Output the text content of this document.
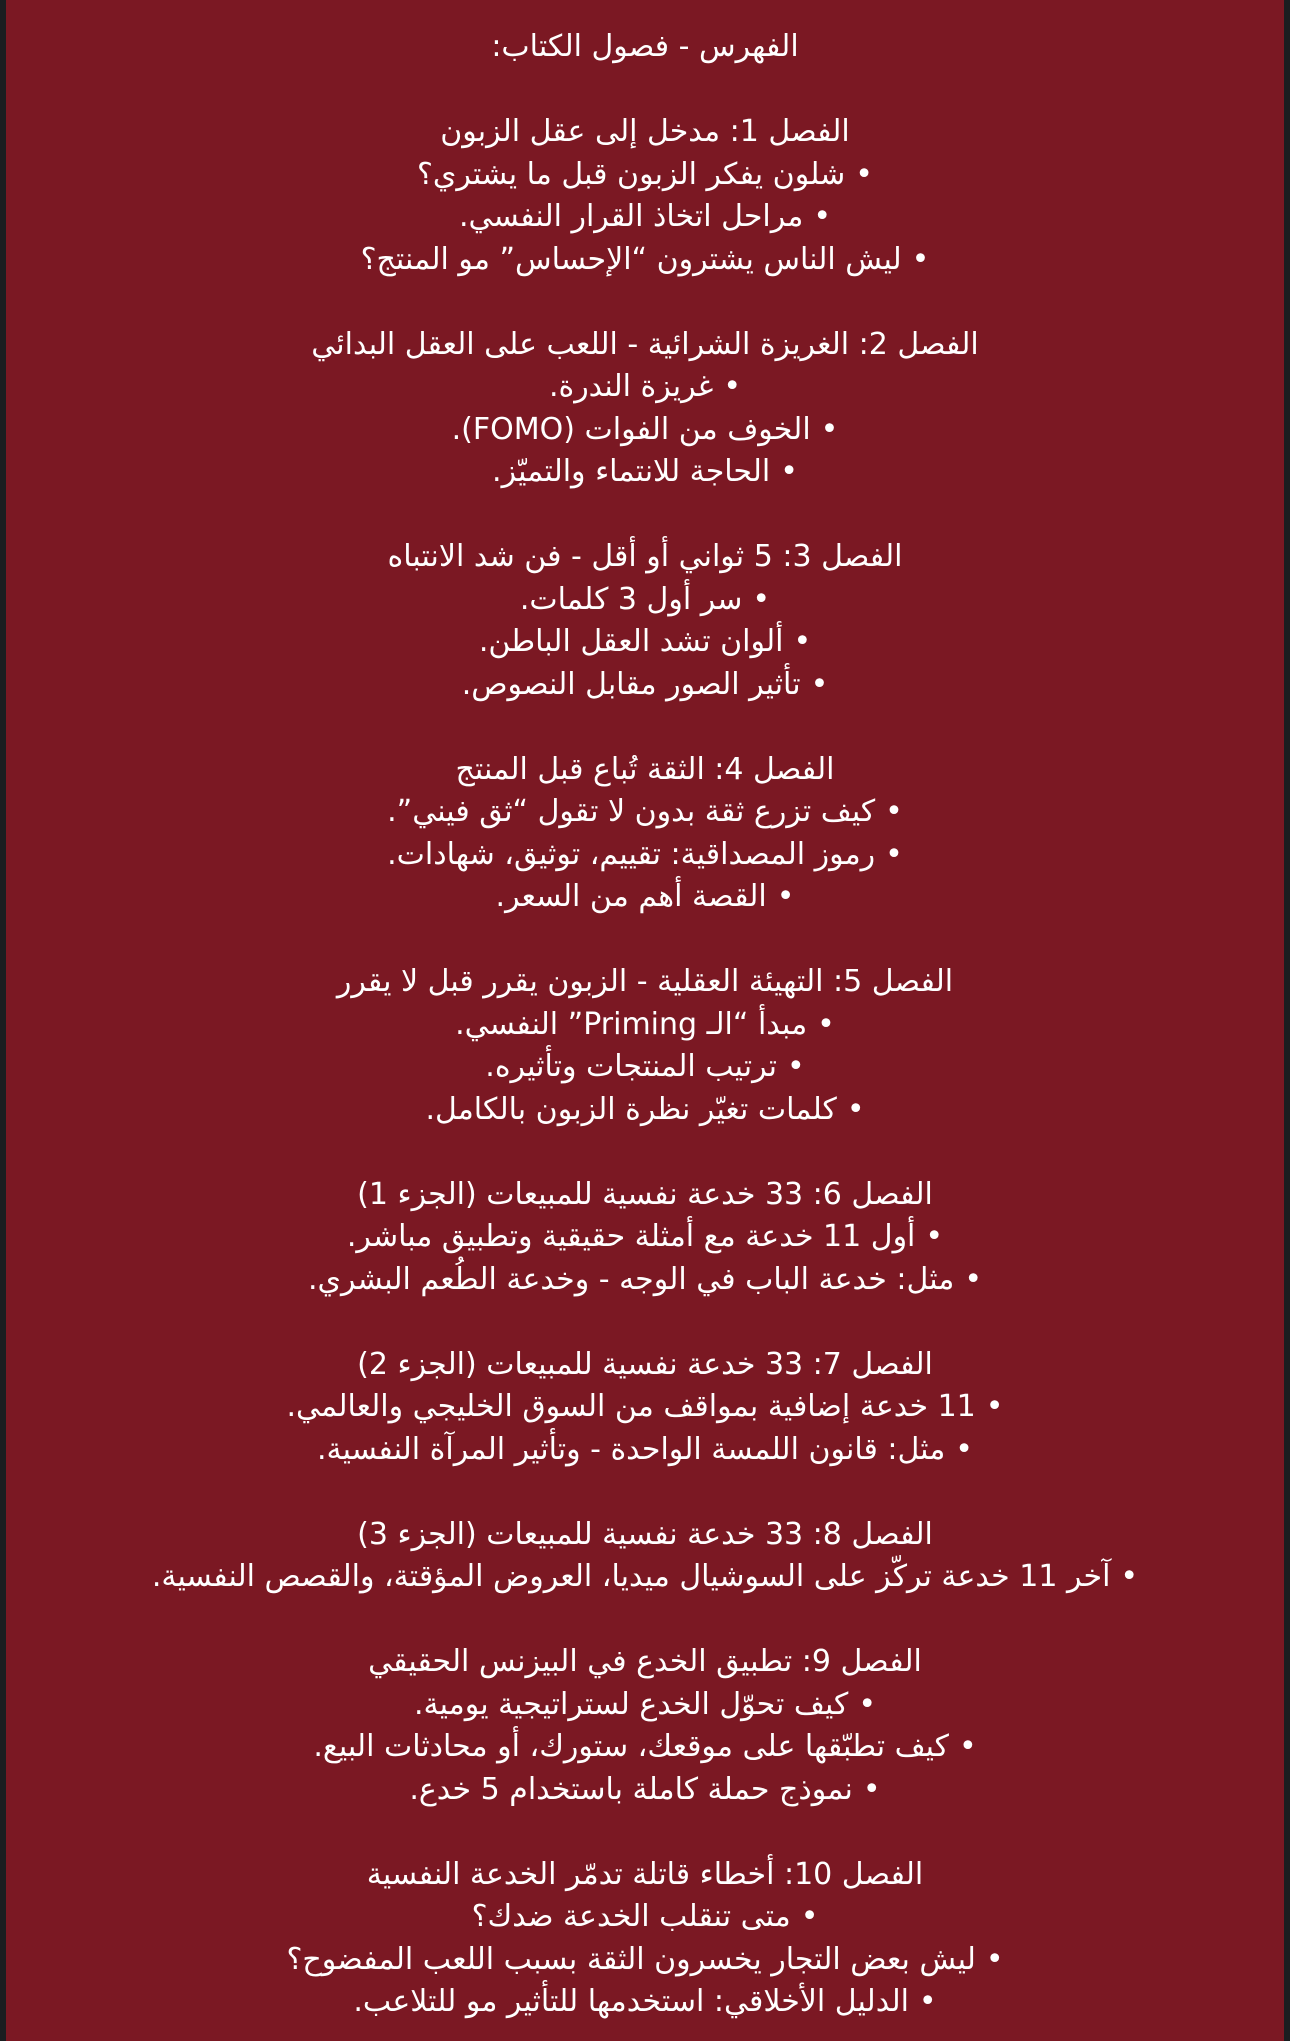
الفهرس - فصول الكتاب:
الفصل 1: مدخل إلى عقل الزبون
•شلون يفكر الزبون قبل ما يشتري؟
•مراحل اتخاذ القرار النفسي.
•ليش الناس يشترون “الإحساس” مو المنتج؟
الفصل 2: الغريزة الشرائية - اللعب على العقل البدائي
•غريزة الندرة.
•الخوف من الفوات (FOMO).
•الحاجة للانتماء والتميّز.
الفصل 3: 5 ثواني أو أقل - فن شد الانتباه
•سر أول 3 كلمات.
•ألوان تشد العقل الباطن.
•تأثير الصور مقابل النصوص.
الفصل 4: الثقة تُباع قبل المنتج
•كيف تزرع ثقة بدون لا تقول “ثق فيني”.
•رموز المصداقية: تقييم، توثيق، شهادات.
•القصة أهم من السعر.
الفصل 5: التهيئة العقلية - الزبون يقرر قبل لا يقرر
•مبدأ “الـ Priming” النفسي.
•ترتيب المنتجات وتأثيره.
•كلمات تغيّر نظرة الزبون بالكامل.
الفصل 6: 33 خدعة نفسية للمبيعات (الجزء 1)
•أول 11 خدعة مع أمثلة حقيقية وتطبيق مباشر.
•مثل: خدعة الباب في الوجه - وخدعة الطُعم البشري.
الفصل 7: 33 خدعة نفسية للمبيعات (الجزء 2)
•11 خدعة إضافية بمواقف من السوق الخليجي والعالمي.
•مثل: قانون اللمسة الواحدة - وتأثير المرآة النفسية.
الفصل 8: 33 خدعة نفسية للمبيعات (الجزء 3)
•آخر 11 خدعة تركّز على السوشيال ميديا، العروض المؤقتة، والقصص النفسية.
الفصل 9: تطبيق الخدع في البيزنس الحقيقي
•كيف تحوّل الخدع لستراتيجية يومية.
•كيف تطبّقها على موقعك، ستورك، أو محادثات البيع.
•نموذج حملة كاملة باستخدام 5 خدع.
الفصل 10: أخطاء قاتلة تدمّر الخدعة النفسية
•متى تنقلب الخدعة ضدك؟
•ليش بعض التجار يخسرون الثقة بسبب اللعب المفضوح؟
•الدليل الأخلاقي: استخدمها للتأثير مو للتلاعب.
